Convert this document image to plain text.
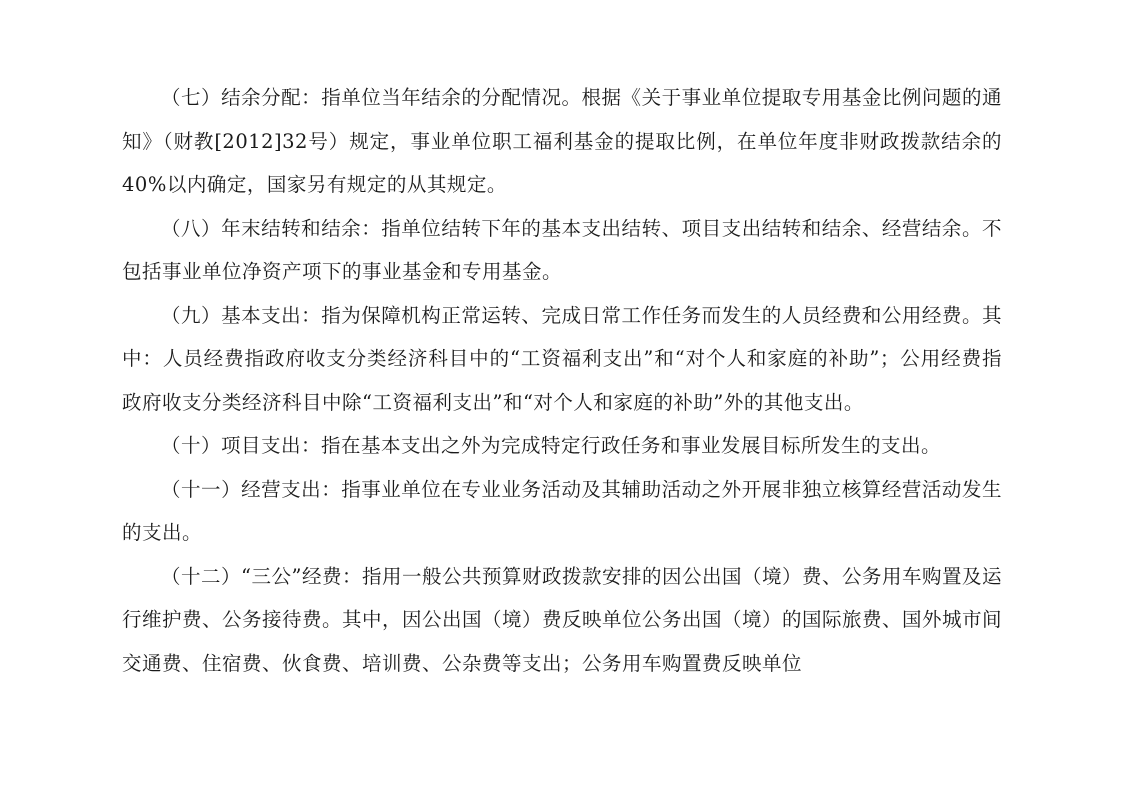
（七）结余分配：指单位当年结余的分配情况。根据《关于事业单位提取专用基金比例问题的通知》（财教[2012]32号）规定，事业单位职工福利基金的提取比例，在单位年度非财政拨款结余的40%以内确定，国家另有规定的从其规定。

（八）年末结转和结余：指单位结转下年的基本支出结转、项目支出结转和结余、经营结余。不包括事业单位净资产项下的事业基金和专用基金。

（九）基本支出：指为保障机构正常运转、完成日常工作任务而发生的人员经费和公用经费。其中：人员经费指政府收支分类经济科目中的“工资福利支出”和“对个人和家庭的补助”；公用经费指政府收支分类经济科目中除“工资福利支出”和“对个人和家庭的补助”外的其他支出。

（十）项目支出：指在基本支出之外为完成特定行政任务和事业发展目标所发生的支出。

（十一）经营支出：指事业单位在专业业务活动及其辅助活动之外开展非独立核算经营活动发生的支出。

（十二）“三公”经费：指用一般公共预算财政拨款安排的因公出国（境）费、公务用车购置及运行维护费、公务接待费。其中，因公出国（境）费反映单位公务出国（境）的国际旅费、国外城市间交通费、住宿费、伙食费、培训费、公杂费等支出；公务用车购置费反映单位
